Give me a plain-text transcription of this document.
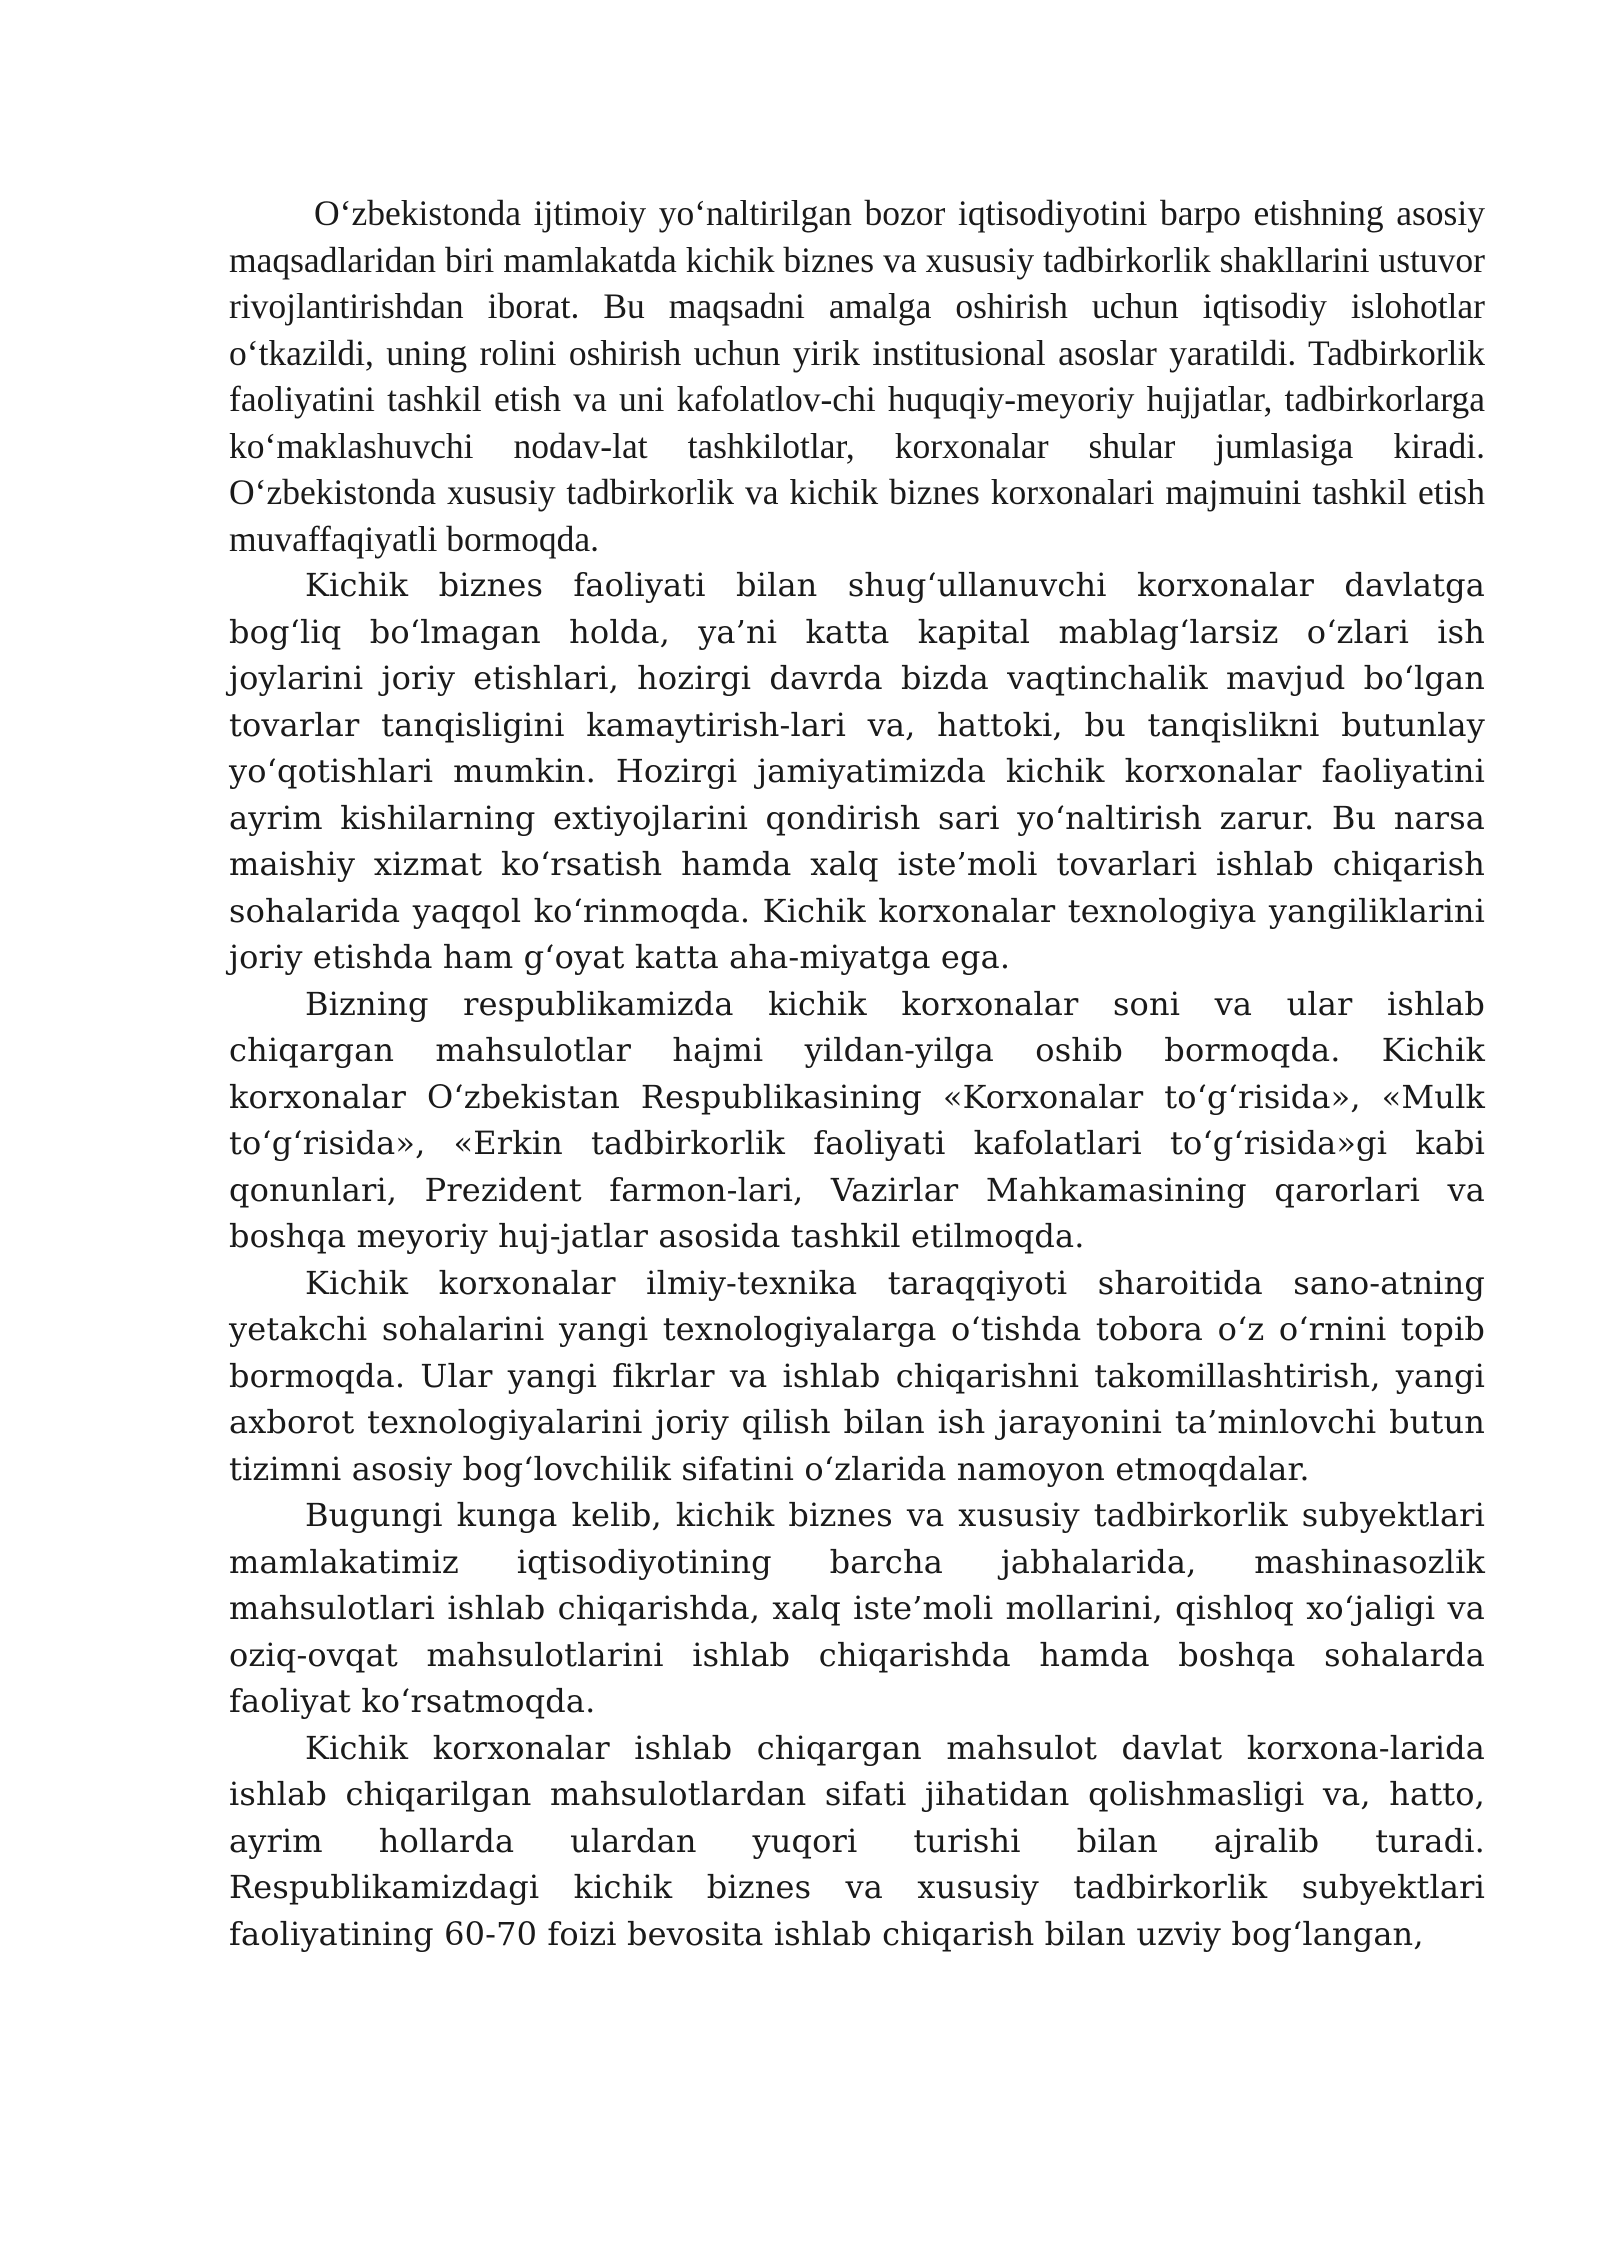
O‘zbekistonda ijtimoiy yo‘naltirilgan bozor iqtisodiyotini barpo etishning asosiy maqsadlaridan biri mamlakatda kichik biznes va xususiy tadbirkorlik shakllarini ustuvor rivojlantirishdan iborat. Bu maqsadni amalga oshirish uchun iqtisodiy islohotlar o‘tkazildi, uning rolini oshirish uchun yirik institusional asoslar yaratildi. Tadbirkorlik faoliyatini tashkil etish va uni kafolatlov-chi huquqiy-meyoriy hujjatlar, tadbirkorlarga ko‘maklashuvchi nodav-lat tashkilotlar, korxonalar shular jumlasiga kiradi. O‘zbekistonda xususiy tadbirkorlik va kichik biznes korxonalari majmuini tashkil etish muvaffaqiyatli bormoqda.

Kichik biznes faoliyati bilan shug‘ullanuvchi korxonalar davlatga bog‘liq bo‘lmagan holda, ya’ni katta kapital mablag‘larsiz o‘zlari ish joylarini joriy etishlari, hozirgi davrda bizda vaqtinchalik mavjud bo‘lgan tovarlar tanqisligini kamaytirish-lari va, hattoki, bu tanqislikni butunlay yo‘qotishlari mumkin. Hozirgi jamiyatimizda kichik korxonalar faoliyatini ayrim kishilarning extiyojlarini qondirish sari yo‘naltirish zarur. Bu narsa maishiy xizmat ko‘rsatish hamda xalq iste’moli tovarlari ishlab chiqarish sohalarida yaqqol ko‘rinmoqda. Kichik korxonalar texnologiya yangiliklarini joriy etishda ham g‘oyat katta aha-miyatga ega.

Bizning respublikamizda kichik korxonalar soni va ular ishlab chiqargan mahsulotlar hajmi yildan-yilga oshib bormoqda. Kichik korxonalar O‘zbekistan Respublikasining «Korxonalar to‘g‘risida», «Mulk to‘g‘risida», «Erkin tadbirkorlik faoliyati kafolatlari to‘g‘risida»gi kabi qonunlari, Prezident farmon-lari, Vazirlar Mahkamasining qarorlari va boshqa meyoriy huj-jatlar asosida tashkil etilmoqda.

Kichik korxonalar ilmiy-texnika taraqqiyoti sharoitida sano-atning yetakchi sohalarini yangi texnologiyalarga o‘tishda tobora o‘z o‘rnini topib bormoqda. Ular yangi fikrlar va ishlab chiqarishni takomillashtirish, yangi axborot texnologiyalarini joriy qilish bilan ish jarayonini ta’minlovchi butun tizimni asosiy bog‘lovchilik sifatini o‘zlarida namoyon etmoqdalar.

Bugungi kunga kelib, kichik biznes va xususiy tadbirkorlik subyektlari mamlakatimiz iqtisodiyotining barcha jabhalarida, mashinasozlik mahsulotlari ishlab chiqarishda, xalq iste’moli mollarini, qishloq xo‘jaligi va oziq-ovqat mahsulotlarini ishlab chiqarishda hamda boshqa sohalarda faoliyat ko‘rsatmoqda.

Kichik korxonalar ishlab chiqargan mahsulot davlat korxona-larida ishlab chiqarilgan mahsulotlardan sifati jihatidan qolishmasligi va, hatto, ayrim hollarda ulardan yuqori turishi bilan ajralib turadi. Respublikamizdagi kichik biznes va xususiy tadbirkorlik subyektlari faoliyatining 60-70 foizi bevosita ishlab chiqarish bilan uzviy bog‘langan,
